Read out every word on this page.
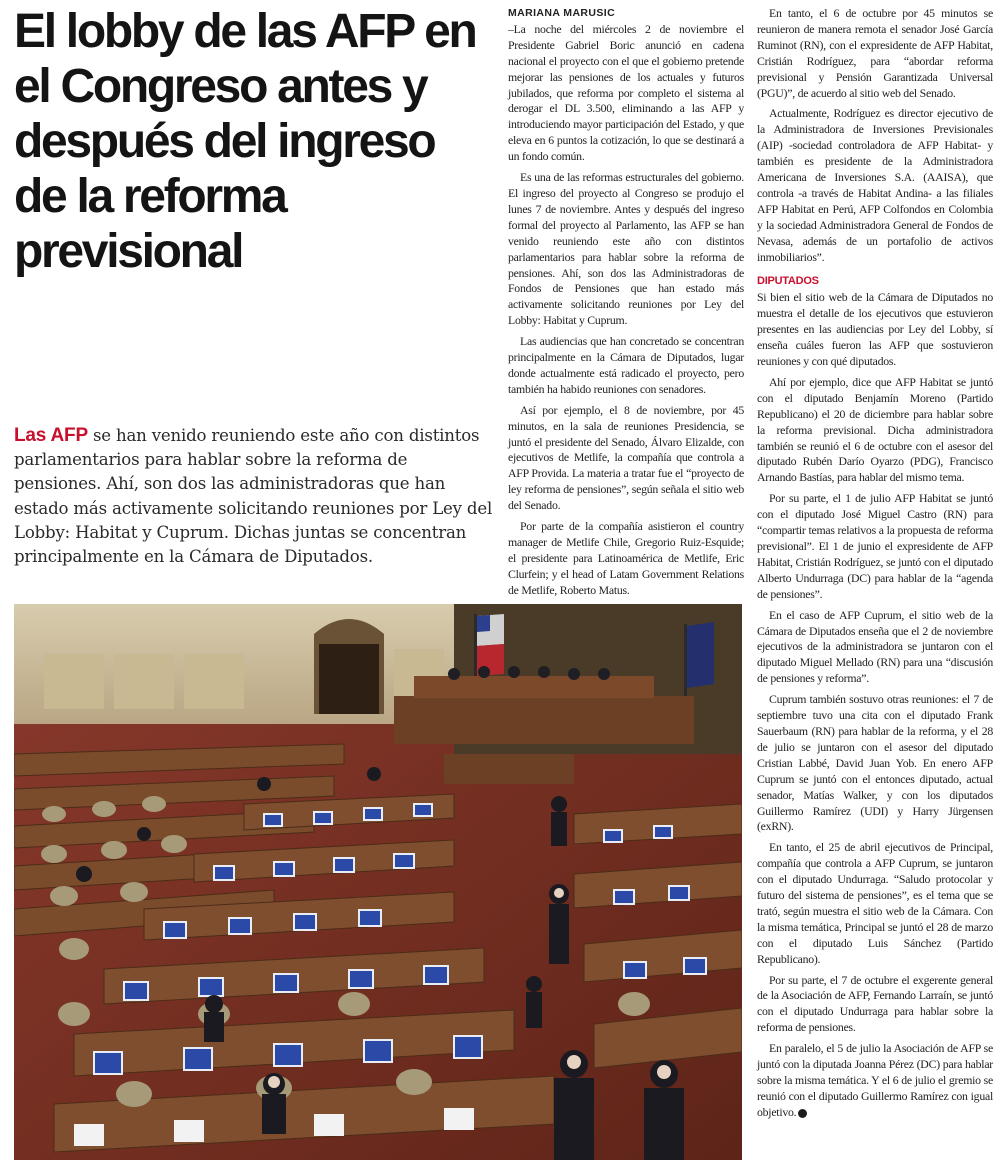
El lobby de las AFP en el Congreso antes y después del ingreso de la reforma previsional

Las AFP se han venido reuniendo este año con distintos parlamentarios para hablar sobre la reforma de pensiones. Ahí, son dos las administradoras que han estado más activamente solicitando reuniones por Ley del Lobby: Habitat y Cuprum. Dichas juntas se concentran principalmente en la Cámara de Diputados.

MARIANA MARUSIC

–La noche del miércoles 2 de noviembre el Presidente Gabriel Boric anunció en cadena nacional el proyecto con el que el gobierno pretende mejorar las pensiones de los actuales y futuros jubilados, que reforma por completo el sistema al derogar el DL 3.500, eliminando a las AFP y introduciendo mayor participación del Estado, y que eleva en 6 puntos la cotización, lo que se destinará a un fondo común.

Es una de las reformas estructurales del gobierno. El ingreso del proyecto al Congreso se produjo el lunes 7 de noviembre. Antes y después del ingreso formal del proyecto al Parlamento, las AFP se han venido reuniendo este año con distintos parlamentarios para hablar sobre la reforma de pensiones. Ahí, son dos las Administradoras de Fondos de Pensiones que han estado más activamente solicitando reuniones por Ley del Lobby: Habitat y Cuprum.

Las audiencias que han concretado se concentran principalmente en la Cámara de Diputados, lugar donde actualmente está radicado el proyecto, pero también ha habido reuniones con senadores.

Así por ejemplo, el 8 de noviembre, por 45 minutos, en la sala de reuniones Presidencia, se juntó el presidente del Senado, Álvaro Elizalde, con ejecutivos de Metlife, la compañía que controla a AFP Provida. La materia a tratar fue el “proyecto de ley reforma de pensiones”, según señala el sitio web del Senado.

Por parte de la compañía asistieron el country manager de Metlife Chile, Gregorio Ruiz-Esquide; el presidente para Latinoamérica de Metlife, Eric Clurfein; y el head of Latam Government Relations de Metlife, Roberto Matus.

En tanto, el 6 de octubre por 45 minutos se reunieron de manera remota el senador José García Ruminot (RN), con el expresidente de AFP Habitat, Cristián Rodríguez, para “abordar reforma previsional y Pensión Garantizada Universal (PGU)”, de acuerdo al sitio web del Senado.

Actualmente, Rodríguez es director ejecutivo de la Administradora de Inversiones Previsionales (AIP) -sociedad controladora de AFP Habitat- y también es presidente de la Administradora Americana de Inversiones S.A. (AAISA), que controla -a través de Habitat Andina- a las filiales AFP Habitat en Perú, AFP Colfondos en Colombia y la sociedad Administradora General de Fondos de Nevasa, además de un portafolio de activos inmobiliarios”.

DIPUTADOS

Si bien el sitio web de la Cámara de Diputados no muestra el detalle de los ejecutivos que estuvieron presentes en las audiencias por Ley del Lobby, sí enseña cuáles fueron las AFP que sostuvieron reuniones y con qué diputados.

Ahí por ejemplo, dice que AFP Habitat se juntó con el diputado Benjamín Moreno (Partido Republicano) el 20 de diciembre para hablar sobre la reforma previsional. Dicha administradora también se reunió el 6 de octubre con el asesor del diputado Rubén Darío Oyarzo (PDG), Francisco Arnando Bastías, para hablar del mismo tema.

Por su parte, el 1 de julio AFP Habitat se juntó con el diputado José Miguel Castro (RN) para “compartir temas relativos a la propuesta de reforma previsional”. El 1 de junio el expresidente de AFP Habitat, Cristián Rodríguez, se juntó con el diputado Alberto Undurraga (DC) para hablar de la “agenda de pensiones”.

En el caso de AFP Cuprum, el sitio web de la Cámara de Diputados enseña que el 2 de noviembre ejecutivos de la administradora se juntaron con el diputado Miguel Mellado (RN) para una “discusión de pensiones y reforma”.

Cuprum también sostuvo otras reuniones: el 7 de septiembre tuvo una cita con el diputado Frank Sauerbaum (RN) para hablar de la reforma, y el 28 de julio se juntaron con el asesor del diputado Cristian Labbé, David Juan Yob. En enero AFP Cuprum se juntó con el entonces diputado, actual senador, Matías Walker, y con los diputados Guillermo Ramírez (UDI) y Harry Jürgensen (exRN).

En tanto, el 25 de abril ejecutivos de Principal, compañía que controla a AFP Cuprum, se juntaron con el diputado Undurraga. “Saludo protocolar y futuro del sistema de pensiones”, es el tema que se trató, según muestra el sitio web de la Cámara. Con la misma temática, Principal se juntó el 28 de marzo con el diputado Luis Sánchez (Partido Republicano).

Por su parte, el 7 de octubre el exgerente general de la Asociación de AFP, Fernando Larraín, se juntó con el diputado Undurraga para hablar sobre la reforma de pensiones.

En paralelo, el 5 de julio la Asociación de AFP se juntó con la diputada Joanna Pérez (DC) para hablar sobre la misma temática. Y el 6 de julio el gremio se reunió con el diputado Guillermo Ramírez con igual objetivo.
